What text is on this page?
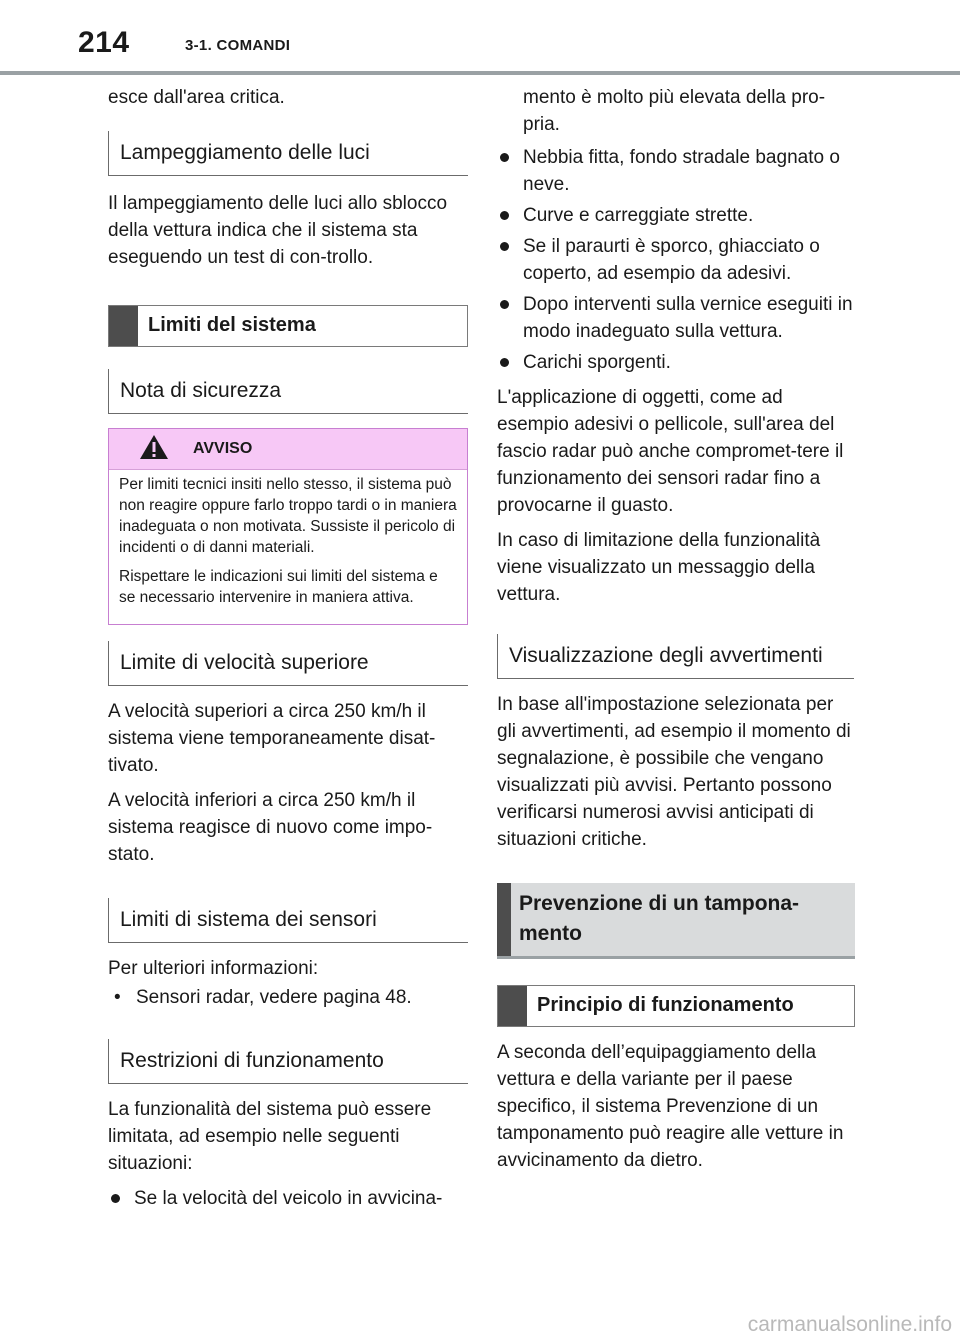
214	3-1. COMANDI

esce dall'area critica.

Lampeggiamento delle luci

Il lampeggiamento delle luci allo sblocco della vettura indica che il sistema sta eseguendo un test di con-trollo.

Limiti del sistema
Nota di sicurezza
AVVISO

Per limiti tecnici insiti nello stesso, il sistema può non reagire oppure farlo troppo tardi o in maniera inadeguata o non motivata. Sussiste il pericolo di incidenti o di danni materiali.

Rispettare le indicazioni sui limiti del sistema e se necessario intervenire in maniera attiva.

Limite di velocità superiore

A velocità superiori a circa 250 km/h il sistema viene temporaneamente disat-tivato.

A velocità inferiori a circa 250 km/h il sistema reagisce di nuovo come impo-stato.

Limiti di sistema dei sensori

Per ulteriori informazioni:

• Sensori radar, vedere pagina 48.
Restrizioni di funzionamento

La funzionalità del sistema può essere limitata, ad esempio nelle seguenti situazioni:

Se la velocità del veicolo in avvicina-

mento è molto più elevata della pro-pria.

Nebbia fitta, fondo stradale bagnato o neve.
Curve e carreggiate strette.
Se il paraurti è sporco, ghiacciato o coperto, ad esempio da adesivi.
Dopo interventi sulla vernice eseguiti in modo inadeguato sulla vettura.
Carichi sporgenti.

L'applicazione di oggetti, come ad esempio adesivi o pellicole, sull'area del fascio radar può anche compromet-tere il funzionamento dei sensori radar fino a provocarne il guasto.

In caso di limitazione della funzionalità viene visualizzato un messaggio della vettura.

Visualizzazione degli avvertimenti

In base all'impostazione selezionata per gli avvertimenti, ad esempio il momento di segnalazione, è possibile che vengano visualizzati più avvisi. Pertanto possono verificarsi numerosi avvisi anticipati di situazioni critiche.

Prevenzione di un tampona-mento
Principio di funzionamento

A seconda dell’equipaggiamento della vettura e della variante per il paese specifico, il sistema Prevenzione di un tamponamento può reagire alle vetture in avvicinamento da dietro.

carmanualsonline.info
